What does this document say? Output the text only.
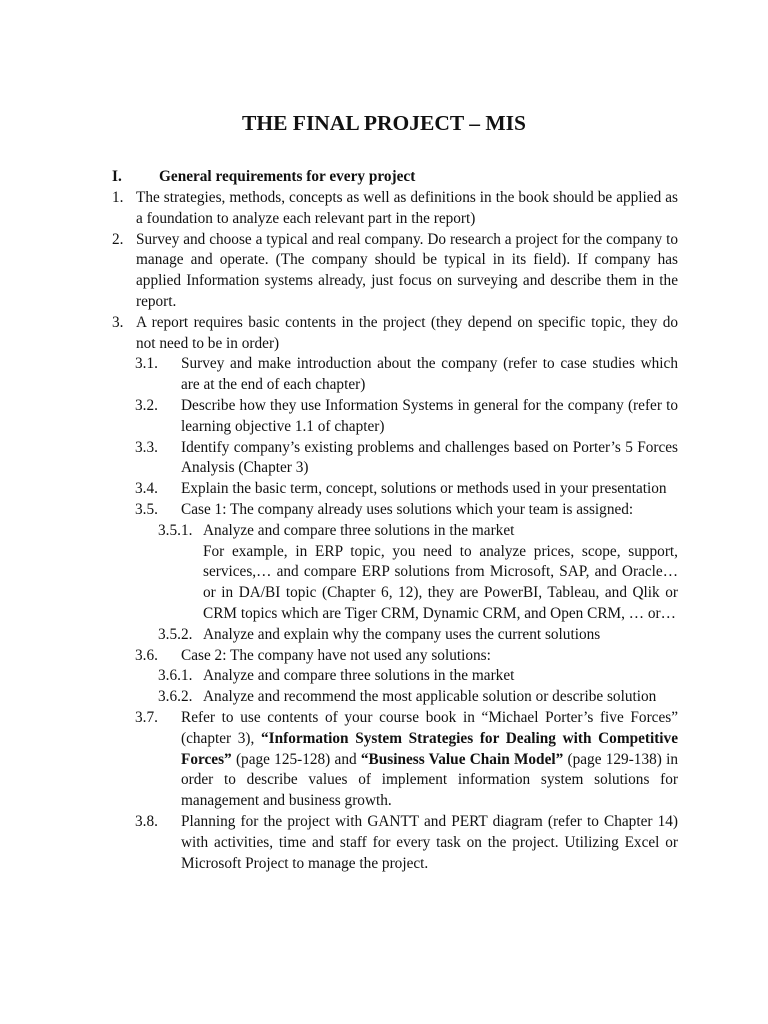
THE FINAL PROJECT – MIS
I. General requirements for every project
1. The strategies, methods, concepts as well as definitions in the book should be applied as a foundation to analyze each relevant part in the report)
2. Survey and choose a typical and real company. Do research a project for the company to manage and operate. (The company should be typical in its field). If company has applied Information systems already, just focus on surveying and describe them in the report.
3. A report requires basic contents in the project (they depend on specific topic, they do not need to be in order)
3.1. Survey and make introduction about the company (refer to case studies which are at the end of each chapter)
3.2. Describe how they use Information Systems in general for the company (refer to learning objective 1.1 of chapter)
3.3. Identify company’s existing problems and challenges based on Porter’s 5 Forces Analysis (Chapter 3)
3.4. Explain the basic term, concept, solutions or methods used in your presentation
3.5. Case 1: The company already uses solutions which your team is assigned:
3.5.1. Analyze and compare three solutions in the market
For example, in ERP topic, you need to analyze prices, scope, support, services,… and compare ERP solutions from Microsoft, SAP, and Oracle… or in DA/BI topic (Chapter 6, 12), they are PowerBI, Tableau, and Qlik or CRM topics which are Tiger CRM, Dynamic CRM, and Open CRM, … or…
3.5.2. Analyze and explain why the company uses the current solutions
3.6. Case 2: The company have not used any solutions:
3.6.1. Analyze and compare three solutions in the market
3.6.2. Analyze and recommend the most applicable solution or describe solution
3.7. Refer to use contents of your course book in “Michael Porter’s five Forces” (chapter 3), “Information System Strategies for Dealing with Competitive Forces” (page 125-128) and “Business Value Chain Model” (page 129-138) in order to describe values of implement information system solutions for management and business growth.
3.8. Planning for the project with GANTT and PERT diagram (refer to Chapter 14) with activities, time and staff for every task on the project. Utilizing Excel or Microsoft Project to manage the project.
